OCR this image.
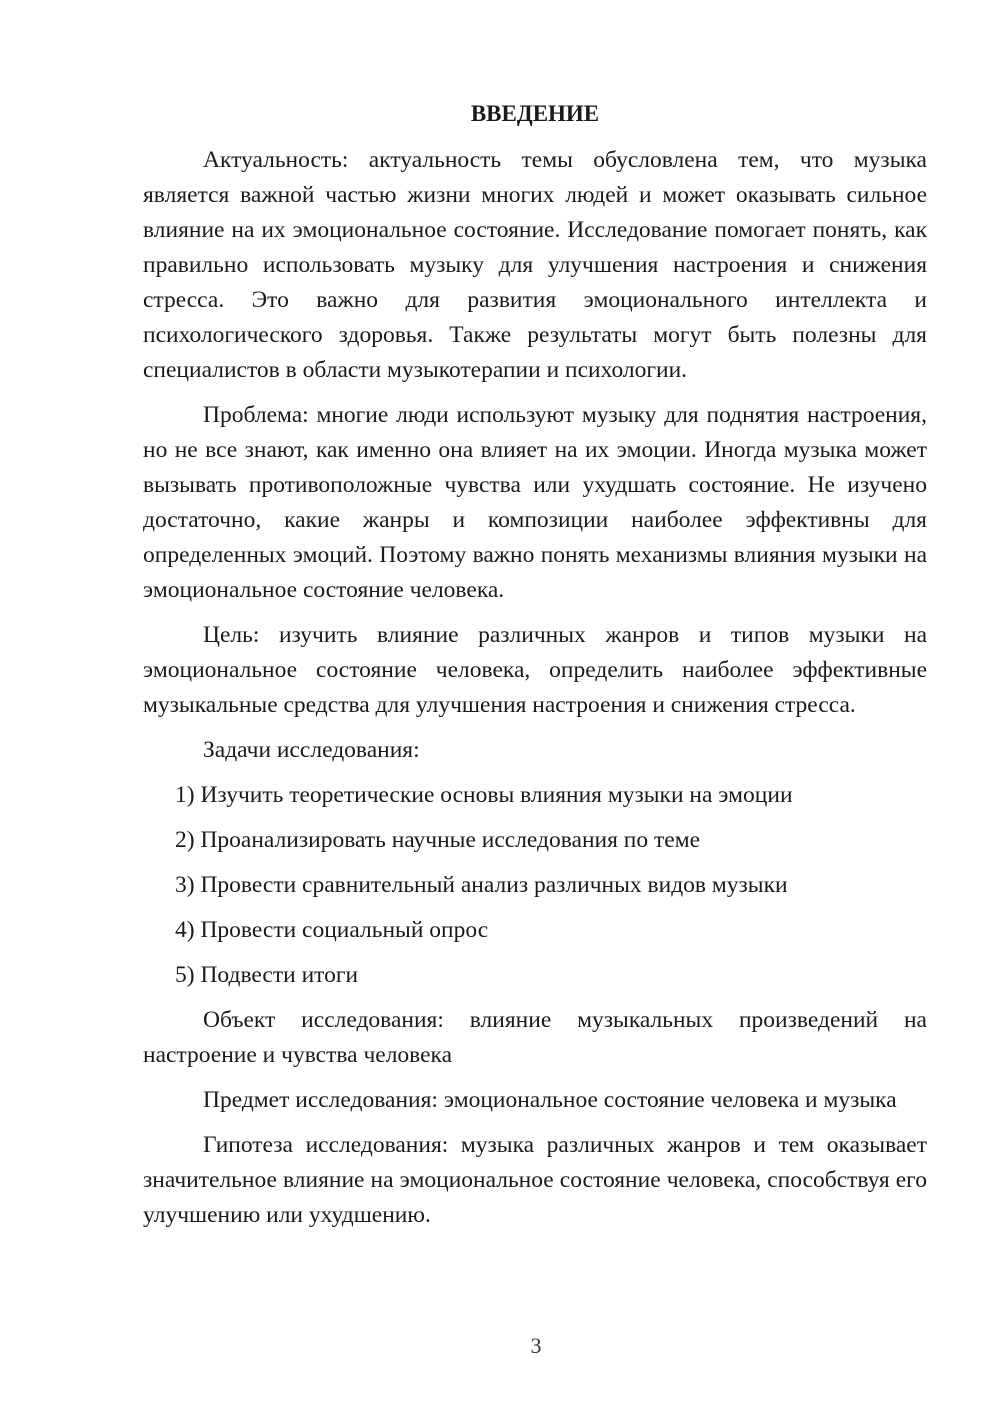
ВВЕДЕНИЕ

Актуальность: актуальность темы обусловлена тем, что музыка является важной частью жизни многих людей и может оказывать сильное влияние на их эмоциональное состояние. Исследование помогает понять, как правильно использовать музыку для улучшения настроения и снижения стресса. Это важно для развития эмоционального интеллекта и психологического здоровья. Также результаты могут быть полезны для специалистов в области музыкотерапии и психологии.

Проблема: многие люди используют музыку для поднятия настроения, но не все знают, как именно она влияет на их эмоции. Иногда музыка может вызывать противоположные чувства или ухудшать состояние. Не изучено достаточно, какие жанры и композиции наиболее эффективны для определенных эмоций. Поэтому важно понять механизмы влияния музыки на эмоциональное состояние человека.

Цель: изучить влияние различных жанров и типов музыки на эмоциональное состояние человека, определить наиболее эффективные музыкальные средства для улучшения настроения и снижения стресса.

Задачи исследования:

1) Изучить теоретические основы влияния музыки на эмоции
2) Проанализировать научные исследования по теме
3) Провести сравнительный анализ различных видов музыки
4) Провести социальный опрос
5) Подвести итоги

Объект исследования: влияние музыкальных произведений на настроение и чувства человека

Предмет исследования: эмоциональное состояние человека и музыка

Гипотеза исследования: музыка различных жанров и тем оказывает значительное влияние на эмоциональное состояние человека, способствуя его улучшению или ухудшению.

3
